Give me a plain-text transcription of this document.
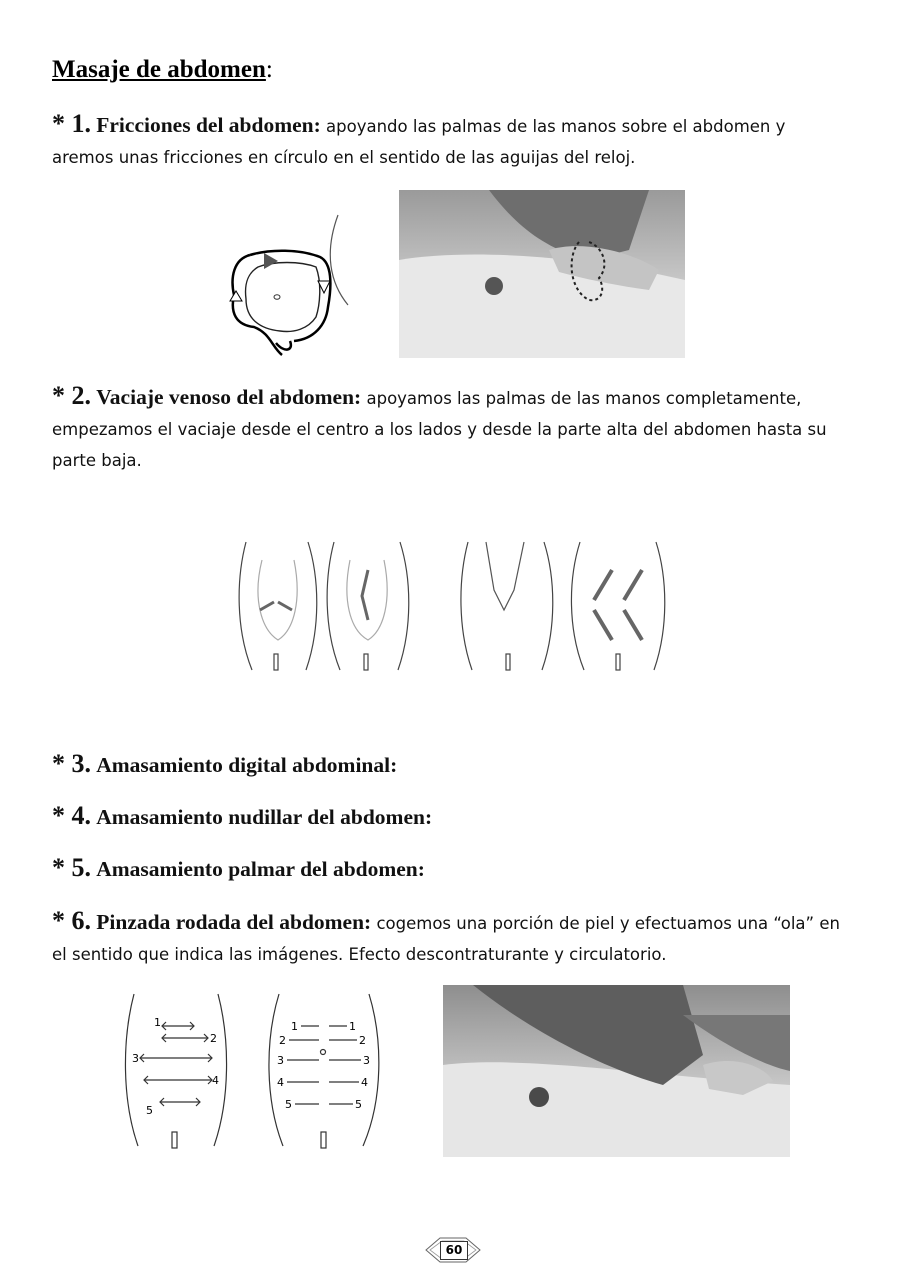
Masaje de abdomen:

* 1. Fricciones del abdomen: apoyando las palmas de las manos sobre el abdomen y aremos unas fricciones en círculo en el sentido de las aguijas del reloj.

* 2. Vaciaje venoso del abdomen: apoyamos las palmas de las manos completamente, empezamos el vaciaje desde el centro a los lados y desde la parte alta del abdomen hasta su parte baja.

* 3. Amasamiento digital abdominal:

* 4. Amasamiento nudillar del abdomen:

* 5. Amasamiento palmar del abdomen:

* 6. Pinzada rodada del abdomen: cogemos una porción de piel y efectuamos una “ola” en el sentido que indica las imágenes. Efecto descontraturante y circulatorio.

1
2
3
4
5
1	1
2	2
3	3
4	4
5	5
60
